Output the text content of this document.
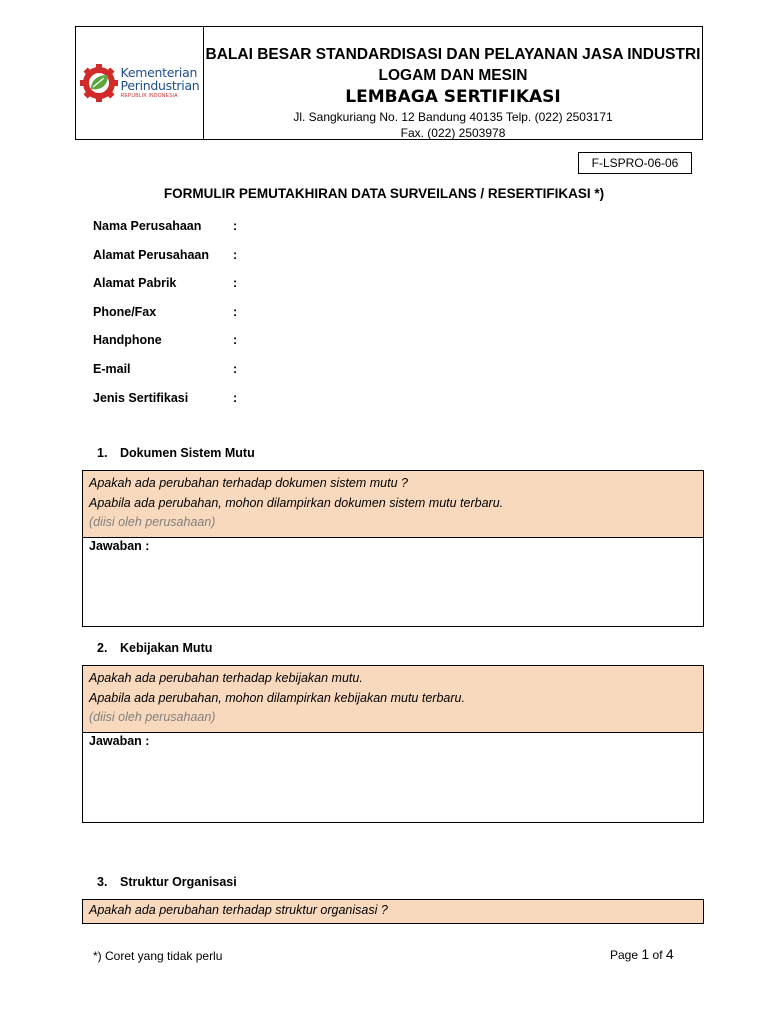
Kementerian
Perindustrian
REPUBLIK INDONESIA
BALAI BESAR STANDARDISASI DAN PELAYANAN JASA INDUSTRI
LOGAM DAN MESIN
LEMBAGA SERTIFIKASI
Jl. Sangkuriang No. 12 Bandung 40135 Telp. (022) 2503171
Fax. (022) 2503978
F-LSPRO-06-06
FORMULIR PEMUTAKHIRAN DATA SURVEILANS / RESERTIFIKASI *)
Nama Perusahaan	:
Alamat Perusahaan	:
Alamat Pabrik	:
Phone/Fax	:
Handphone	:
E-mail	:
Jenis Sertifikasi	:
1. Dokumen Sistem Mutu
Apakah ada perubahan terhadap dokumen sistem mutu ?
Apabila ada perubahan, mohon dilampirkan dokumen sistem mutu terbaru.
(diisi oleh perusahaan)
Jawaban :
2. Kebijakan Mutu
Apakah ada perubahan terhadap kebijakan mutu.
Apabila ada perubahan, mohon dilampirkan kebijakan mutu terbaru.
(diisi oleh perusahaan)
Jawaban :
3. Struktur Organisasi
Apakah ada perubahan terhadap struktur organisasi ?
*) Coret yang tidak perlu	Page 1 of 4
